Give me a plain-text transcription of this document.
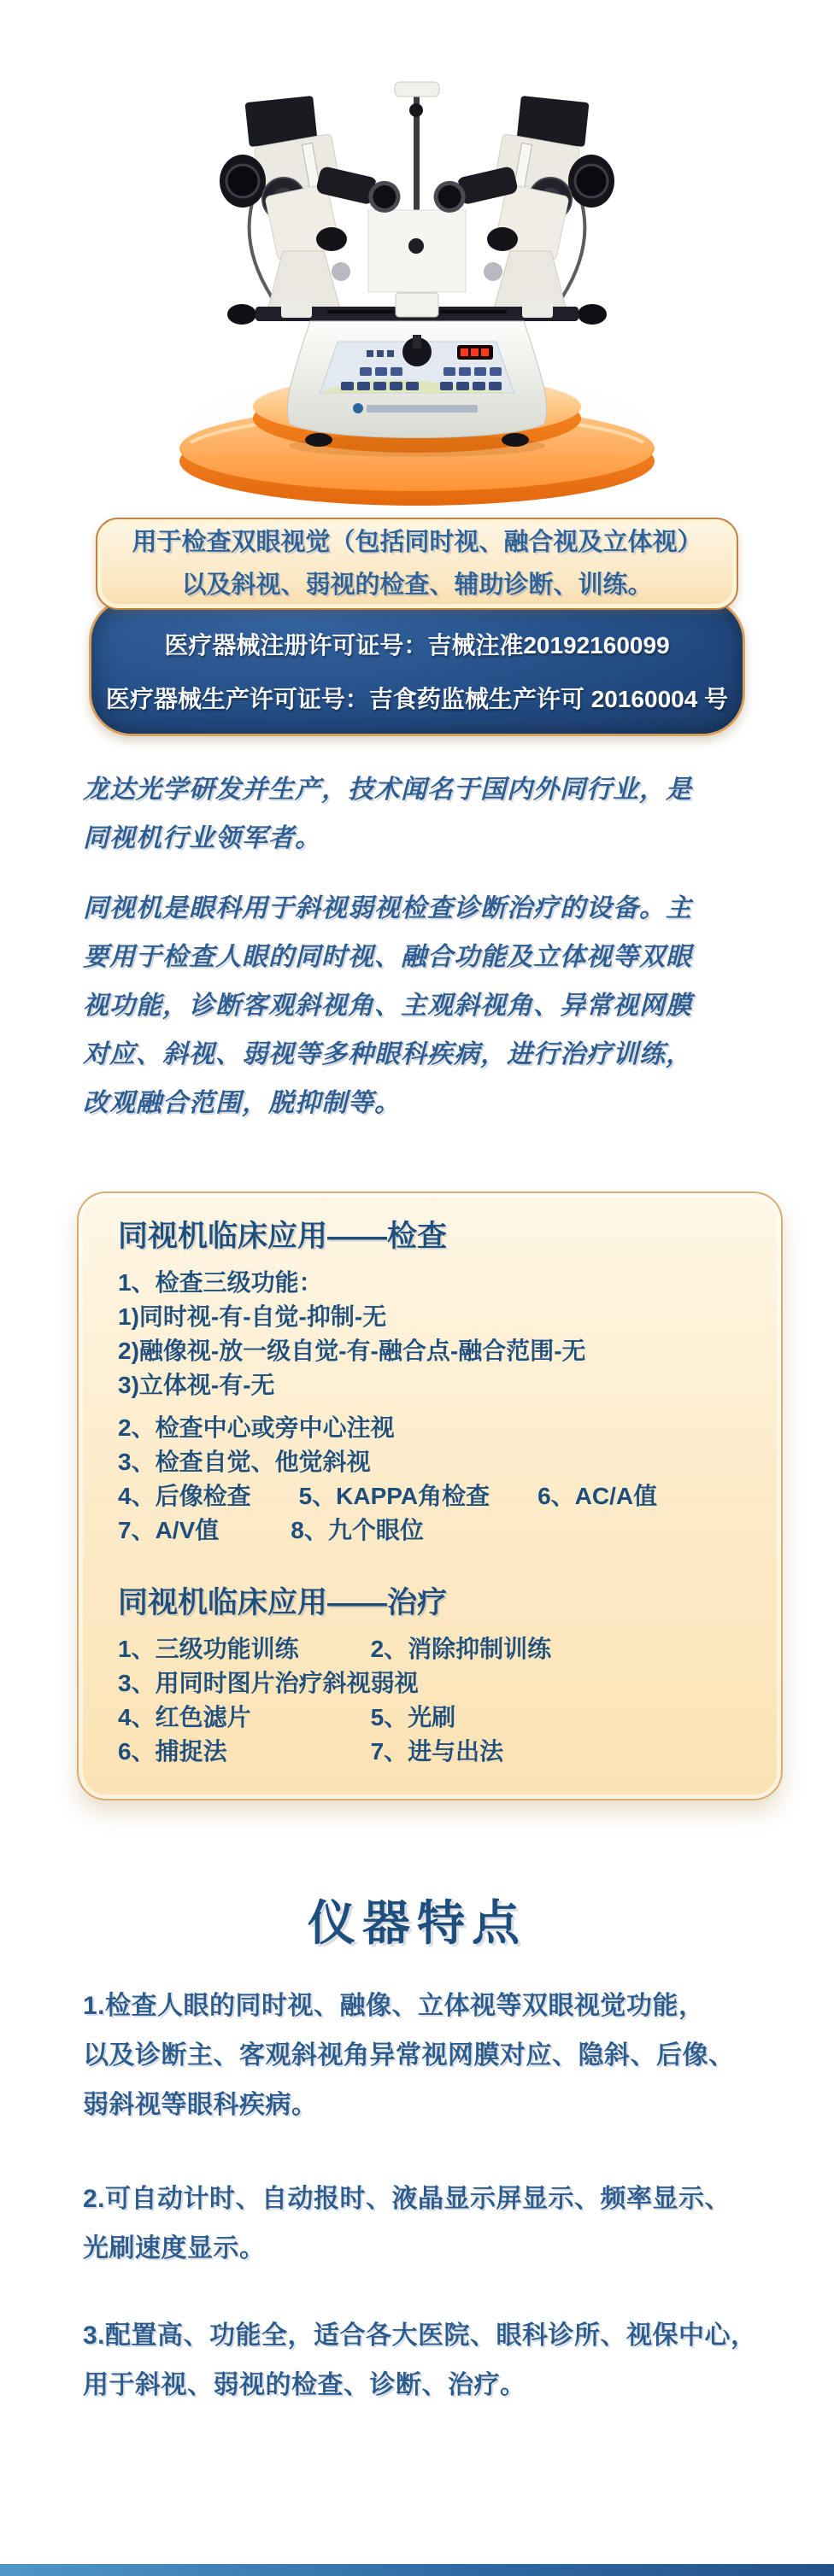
用于检查双眼视觉（包括同时视、融合视及立体视）
以及斜视、弱视的检查、辅助诊断、训练。
医疗器械注册许可证号：吉械注准20192160099
医疗器械生产许可证号：吉食药监械生产许可 20160004 号
龙达光学研发并生产，技术闻名于国内外同行业，是
同视机行业领军者。
同视机是眼科用于斜视弱视检查诊断治疗的设备。主
要用于检查人眼的同时视、融合功能及立体视等双眼
视功能，诊断客观斜视角、主观斜视角、异常视网膜
对应、斜视、弱视等多种眼科疾病，进行治疗训练，
改观融合范围，脱抑制等。
同视机临床应用——检查
1、检查三级功能：
1)同时视-有-自觉-抑制-无
2)融像视-放一级自觉-有-融合点-融合范围-无
3)立体视-有-无
2、检查中心或旁中心注视
3、检查自觉、他觉斜视
4、后像检查　　5、KAPPA角检查　　6、AC/A值
7、A/V值　　　8、九个眼位
同视机临床应用——治疗
1、三级功能训练　　　2、消除抑制训练
3、用同时图片治疗斜视弱视
4、红色滤片　　　　　5、光刷
6、捕捉法　　　　　　7、进与出法
仪器特点
1.检查人眼的同时视、融像、立体视等双眼视觉功能，
以及诊断主、客观斜视角异常视网膜对应、隐斜、后像、
弱斜视等眼科疾病。
2.可自动计时、自动报时、液晶显示屏显示、频率显示、
光刷速度显示。
3.配置高、功能全，适合各大医院、眼科诊所、视保中心，
用于斜视、弱视的检查、诊断、治疗。
